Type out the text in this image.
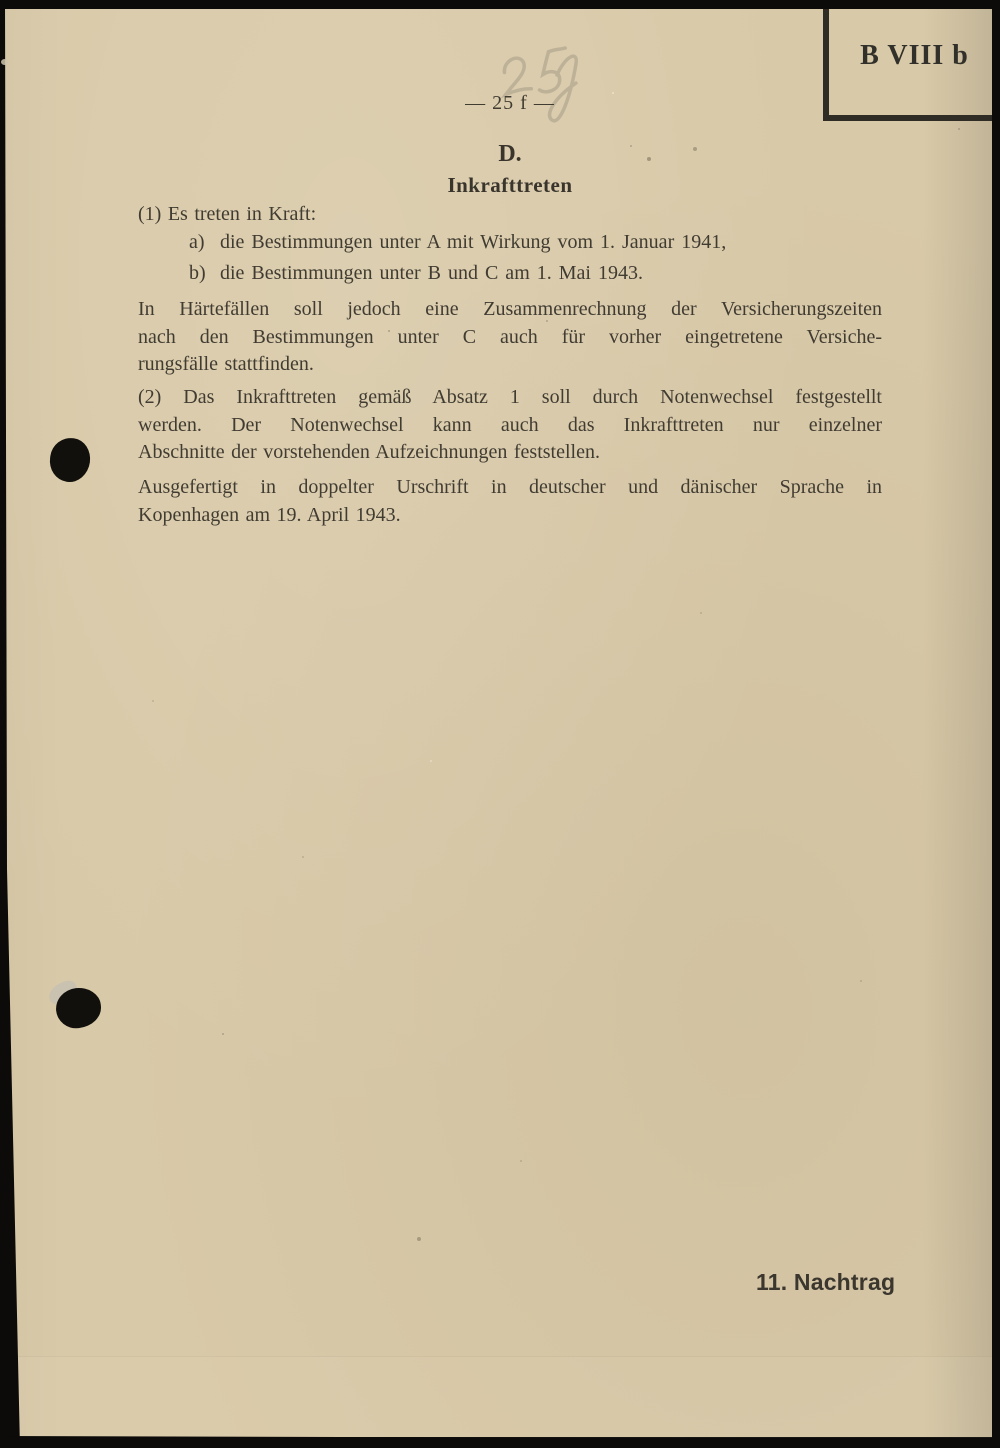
B VIII b
— 25 f —
D.
Inkrafttreten
(1) Es treten in Kraft:
a) die Bestimmungen unter A mit Wirkung vom 1. Januar 1941,
b) die Bestimmungen unter B und C am 1. Mai 1943.
In Härtefällen soll jedoch eine Zusammenrechnung der Versicherungszeiten
nach den Bestimmungen unter C auch für vorher eingetretene Versiche-
rungsfälle stattfinden.
(2) Das Inkrafttreten gemäß Absatz 1 soll durch Notenwechsel festgestellt
werden. Der Notenwechsel kann auch das Inkrafttreten nur einzelner
Abschnitte der vorstehenden Aufzeichnungen feststellen.
Ausgefertigt in doppelter Urschrift in deutscher und dänischer Sprache in
Kopenhagen am 19. April 1943.
11. Nachtrag
